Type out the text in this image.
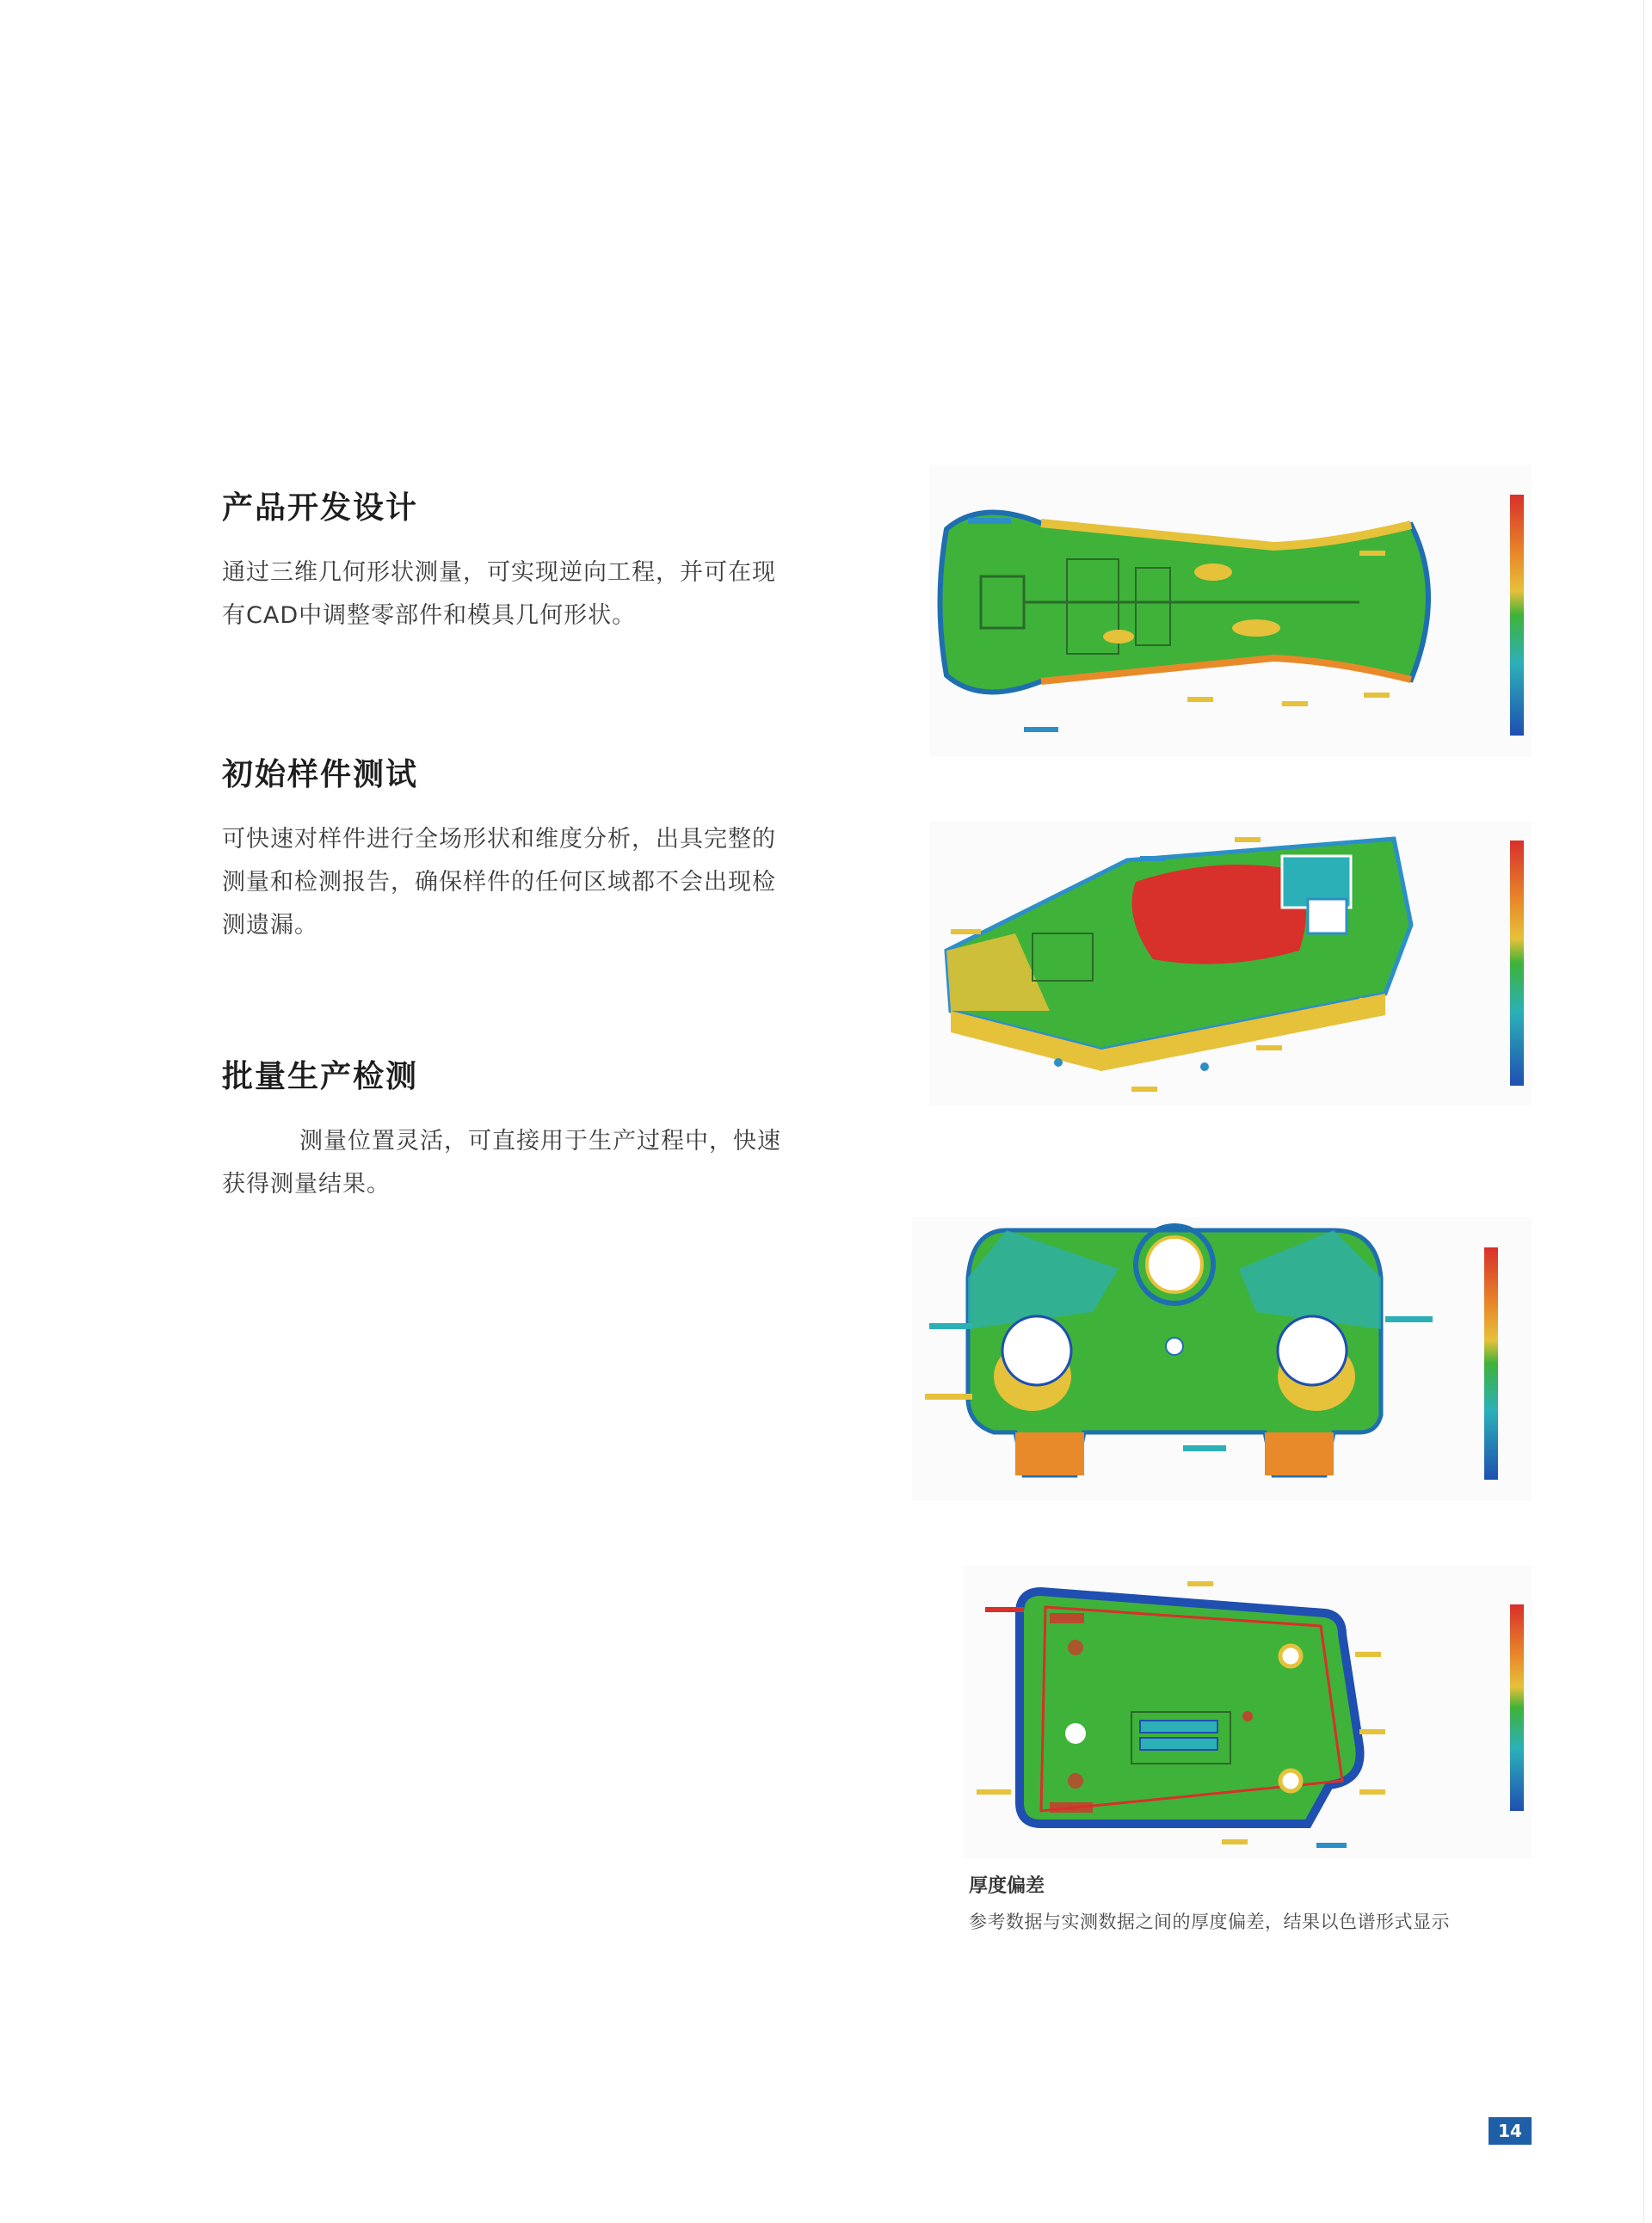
产品开发设计

通过三维几何形状测量，可实现逆向工程，并可在现有CAD中调整零部件和模具几何形状。

初始样件测试

可快速对样件进行全场形状和维度分析，出具完整的测量和检测报告，确保样件的任何区域都不会出现检测遗漏。

批量生产检测

测量位置灵活，可直接用于生产过程中，快速获得测量结果。

厚度偏差
参考数据与实测数据之间的厚度偏差，结果以色谱形式显示
14
